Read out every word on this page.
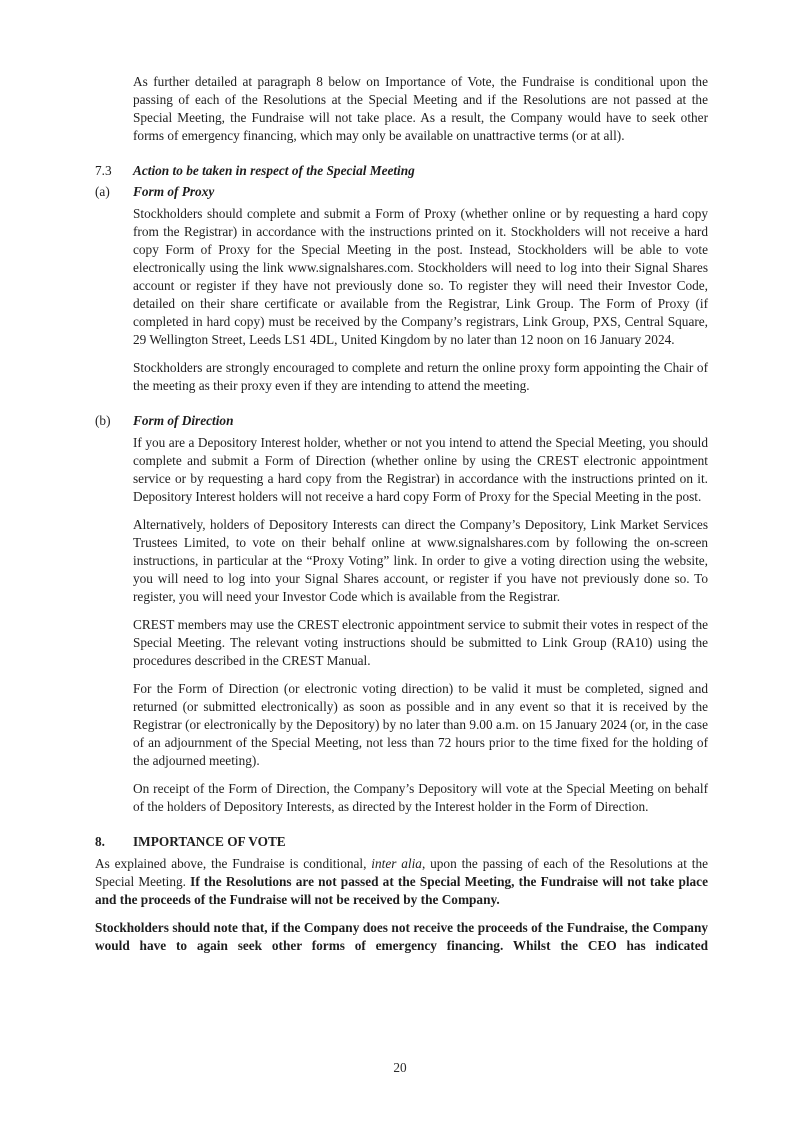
As further detailed at paragraph 8 below on Importance of Vote, the Fundraise is conditional upon the passing of each of the Resolutions at the Special Meeting and if the Resolutions are not passed at the Special Meeting, the Fundraise will not take place. As a result, the Company would have to seek other forms of emergency financing, which may only be available on unattractive terms (or at all).
7.3	Action to be taken in respect of the Special Meeting
(a)	Form of Proxy
Stockholders should complete and submit a Form of Proxy (whether online or by requesting a hard copy from the Registrar) in accordance with the instructions printed on it. Stockholders will not receive a hard copy Form of Proxy for the Special Meeting in the post. Instead, Stockholders will be able to vote electronically using the link www.signalshares.com. Stockholders will need to log into their Signal Shares account or register if they have not previously done so. To register they will need their Investor Code, detailed on their share certificate or available from the Registrar, Link Group. The Form of Proxy (if completed in hard copy) must be received by the Company’s registrars, Link Group, PXS, Central Square, 29 Wellington Street, Leeds LS1 4DL, United Kingdom by no later than 12 noon on 16 January 2024.
Stockholders are strongly encouraged to complete and return the online proxy form appointing the Chair of the meeting as their proxy even if they are intending to attend the meeting.
(b)	Form of Direction
If you are a Depository Interest holder, whether or not you intend to attend the Special Meeting, you should complete and submit a Form of Direction (whether online by using the CREST electronic appointment service or by requesting a hard copy from the Registrar) in accordance with the instructions printed on it. Depository Interest holders will not receive a hard copy Form of Proxy for the Special Meeting in the post.
Alternatively, holders of Depository Interests can direct the Company’s Depository, Link Market Services Trustees Limited, to vote on their behalf online at www.signalshares.com by following the on-screen instructions, in particular at the “Proxy Voting” link. In order to give a voting direction using the website, you will need to log into your Signal Shares account, or register if you have not previously done so. To register, you will need your Investor Code which is available from the Registrar.
CREST members may use the CREST electronic appointment service to submit their votes in respect of the Special Meeting. The relevant voting instructions should be submitted to Link Group (RA10) using the procedures described in the CREST Manual.
For the Form of Direction (or electronic voting direction) to be valid it must be completed, signed and returned (or submitted electronically) as soon as possible and in any event so that it is received by the Registrar (or electronically by the Depository) by no later than 9.00 a.m. on 15 January 2024 (or, in the case of an adjournment of the Special Meeting, not less than 72 hours prior to the time fixed for the holding of the adjourned meeting).
On receipt of the Form of Direction, the Company’s Depository will vote at the Special Meeting on behalf of the holders of Depository Interests, as directed by the Interest holder in the Form of Direction.
8.	IMPORTANCE OF VOTE
As explained above, the Fundraise is conditional, inter alia, upon the passing of each of the Resolutions at the Special Meeting. If the Resolutions are not passed at the Special Meeting, the Fundraise will not take place and the proceeds of the Fundraise will not be received by the Company.
Stockholders should note that, if the Company does not receive the proceeds of the Fundraise, the Company would have to again seek other forms of emergency financing. Whilst the CEO has indicated
20
